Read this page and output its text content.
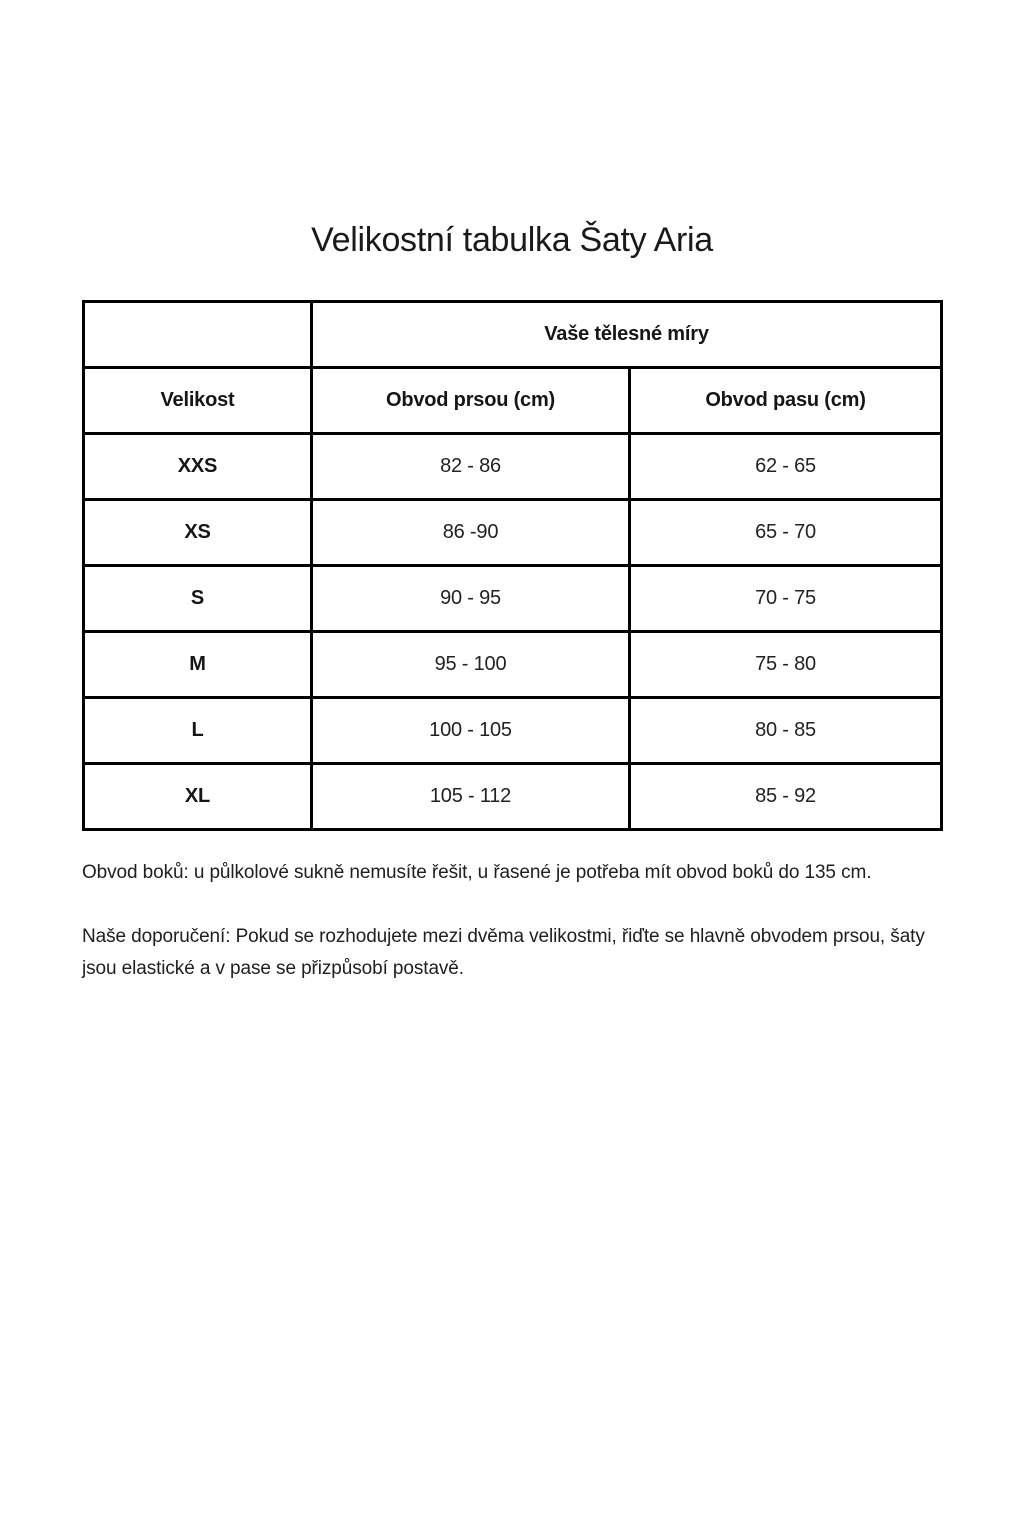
Velikostní tabulka Šaty Aria
	Vaše tělesné míry	
Velikost	Obvod prsou (cm)	Obvod pasu (cm)
XXS	82 - 86	62 - 65
XS	86 -90	65 - 70
S	90 - 95	70 - 75
M	95 - 100	75 - 80
L	100 - 105	80 - 85
XL	105 - 112	85 - 92

Obvod boků: u půlkolové sukně nemusíte řešit, u řasené je potřeba mít obvod boků do 135 cm.

Naše doporučení: Pokud se rozhodujete mezi dvěma velikostmi, řiďte se hlavně obvodem prsou, šaty jsou elastické a v pase se přizpůsobí postavě.
